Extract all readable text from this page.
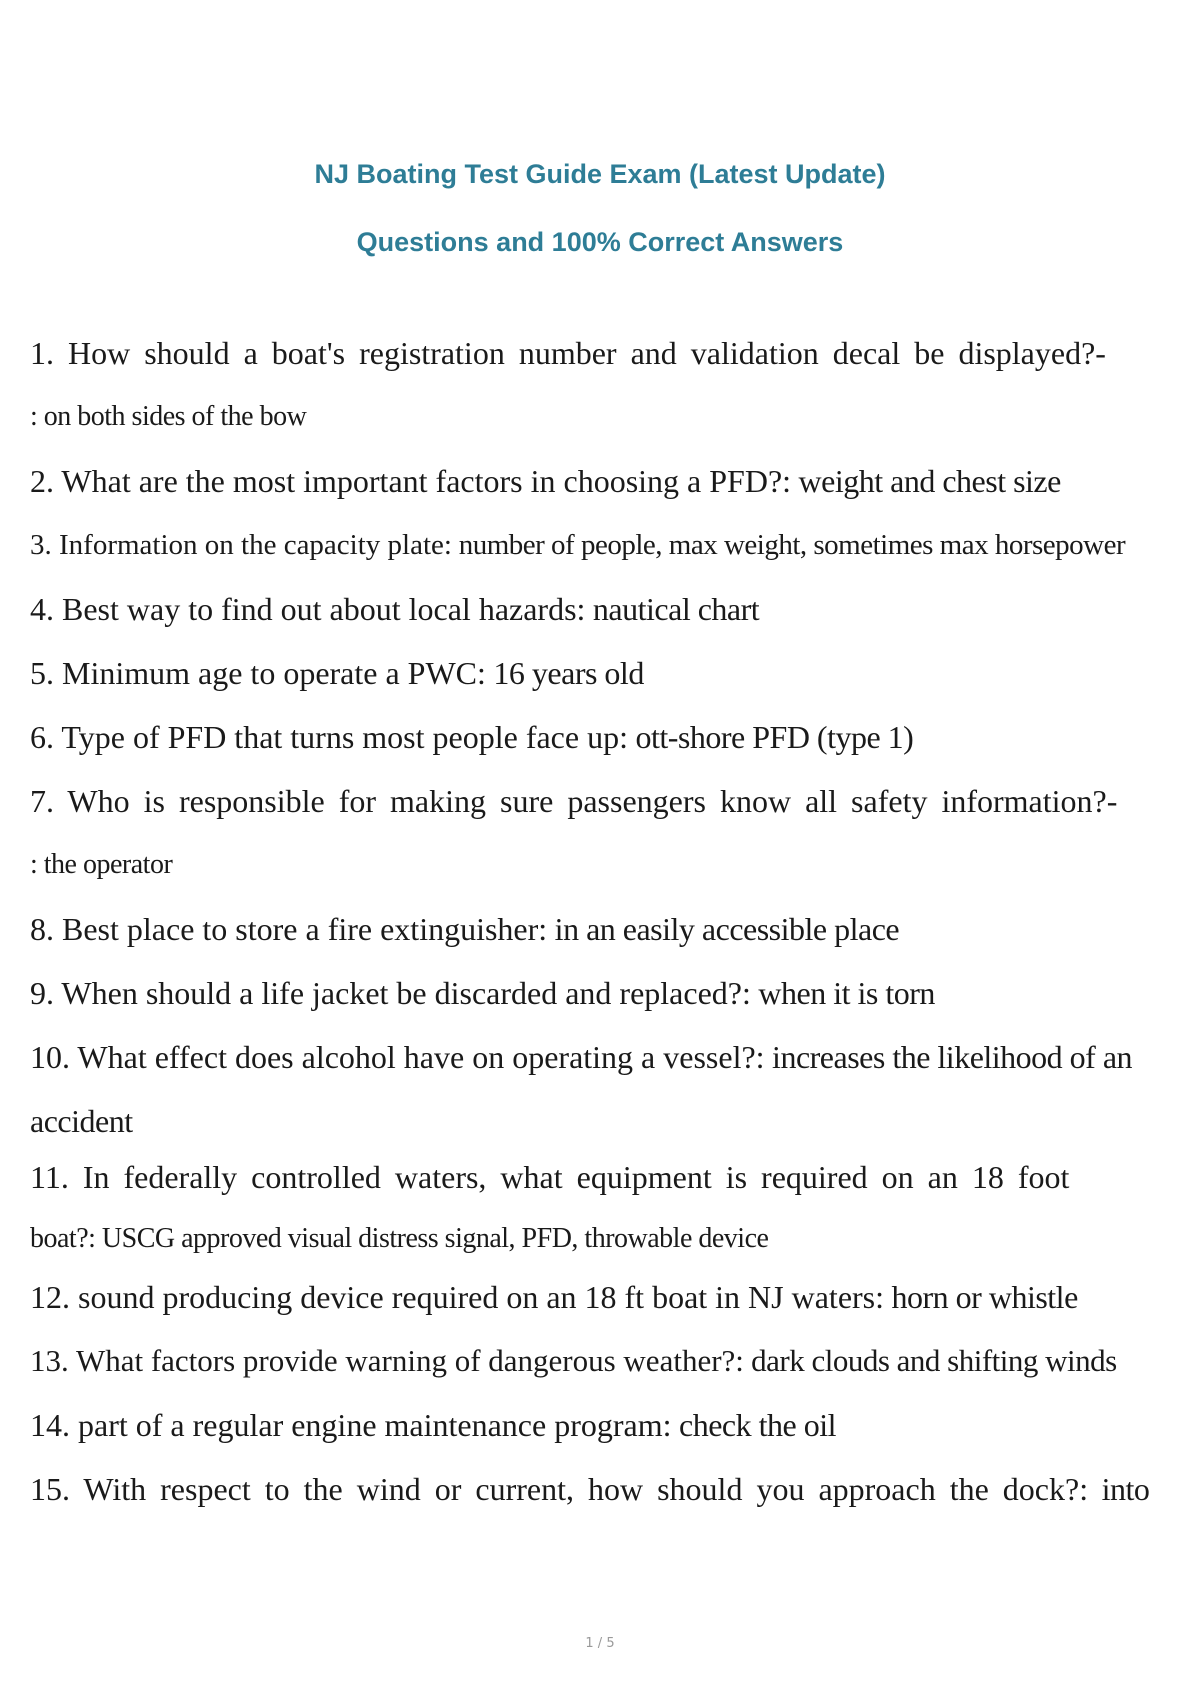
NJ Boating Test Guide Exam (Latest Update)
Questions and 100% Correct Answers
1. How should a boat's registration number and validation decal be displayed?-
: on both sides of the bow
2. What are the most important factors in choosing a PFD?: weight and chest size
3. Information on the capacity plate: number of people, max weight, sometimes max horsepower
4. Best way to find out about local hazards: nautical chart
5. Minimum age to operate a PWC: 16 years old
6. Type of PFD that turns most people face up: ott-shore PFD (type 1)
7. Who is responsible for making sure passengers know all safety information?-
: the operator
8. Best place to store a fire extinguisher: in an easily accessible place
9. When should a life jacket be discarded and replaced?: when it is torn
10. What effect does alcohol have on operating a vessel?: increases the likelihood of an
accident
11. In federally controlled waters, what equipment is required on an 18 foot
boat?: USCG approved visual distress signal, PFD, throwable device
12. sound producing device required on an 18 ft boat in NJ waters: horn or whistle
13. What factors provide warning of dangerous weather?: dark clouds and shifting winds
14. part of a regular engine maintenance program: check the oil
15. With respect to the wind or current, how should you approach the dock?: into
1 / 5
